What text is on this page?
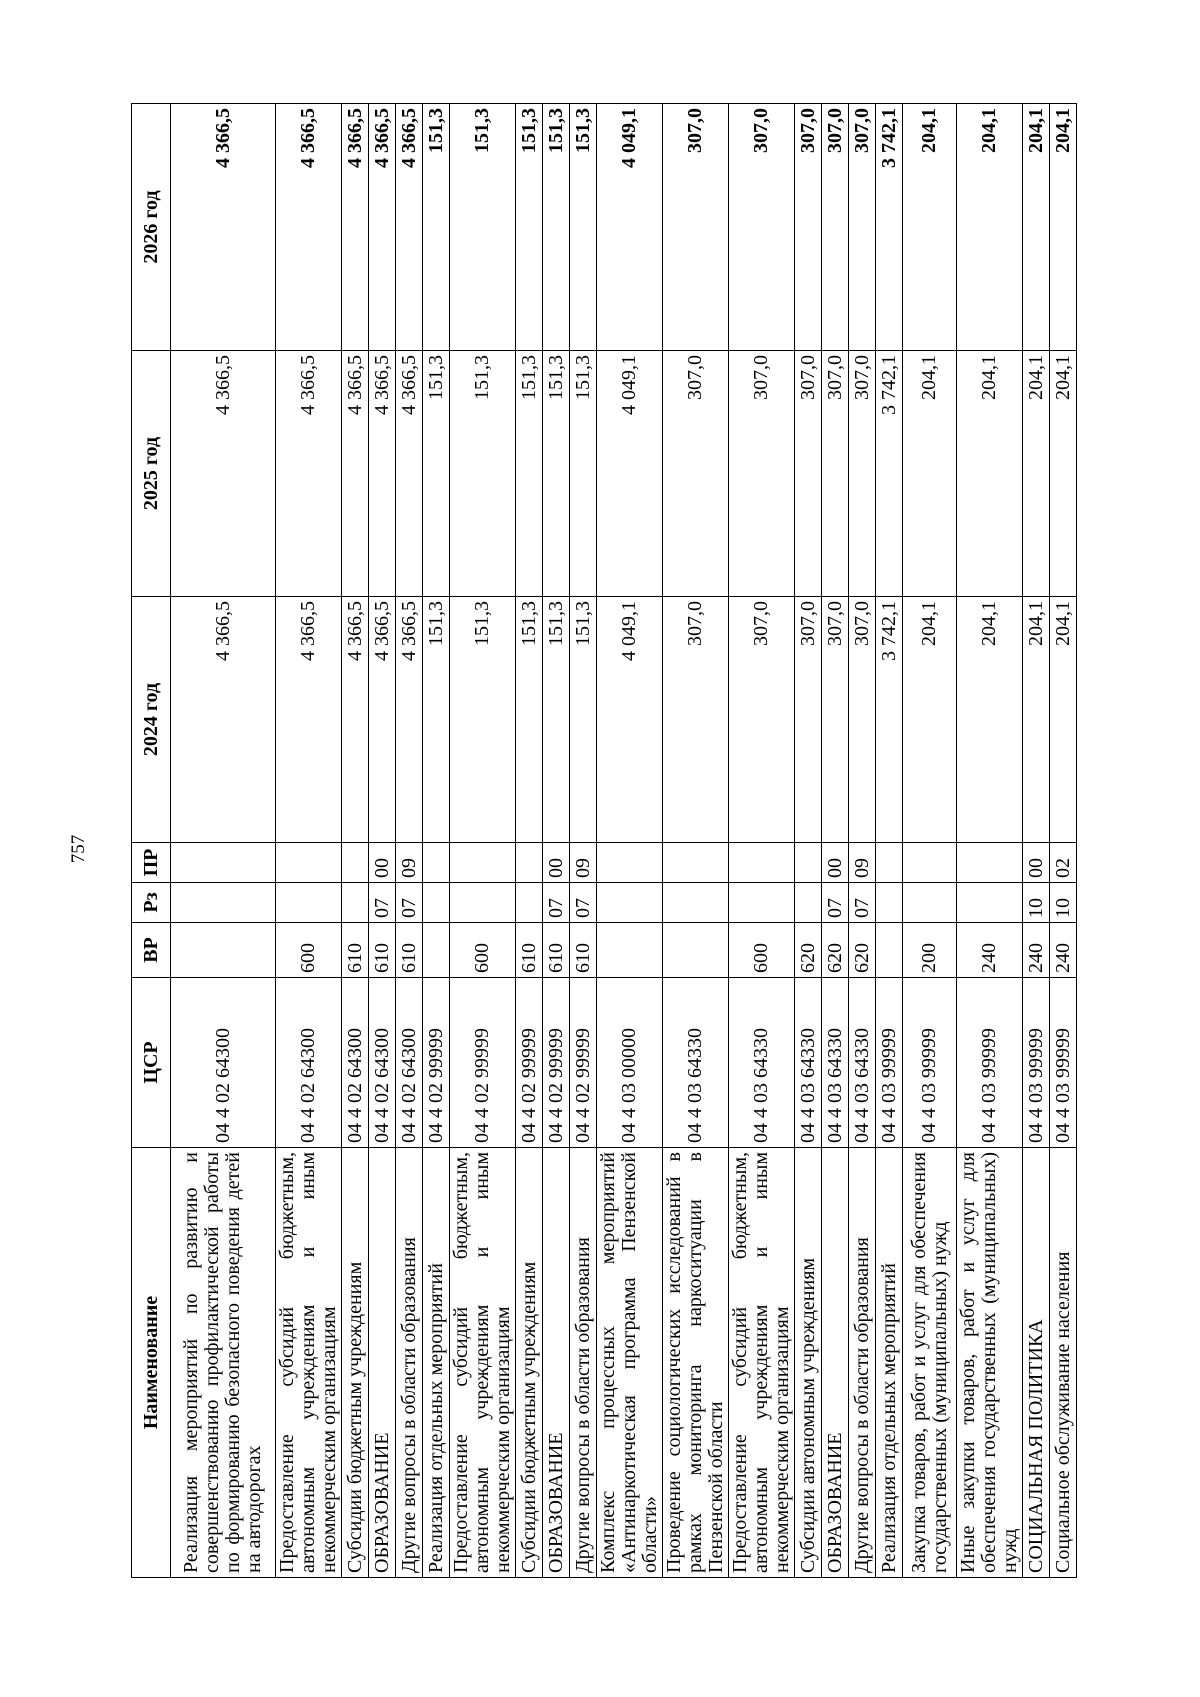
757
Наименование	ЦСР	ВР	Рз	ПР	2024 год	2025 год	2026 год
Реализация мероприятий по развитию и совершенствованию профилактической работы по формированию безопасного поведения детей на автодорогах	04 4 02 64300				4 366,5	4 366,5	4 366,5
Предоставление субсидий бюджетным, автономным учреждениям и иным некоммерческим организациям	04 4 02 64300	600			4 366,5	4 366,5	4 366,5
Субсидии бюджетным учреждениям	04 4 02 64300	610			4 366,5	4 366,5	4 366,5
ОБРАЗОВАНИЕ	04 4 02 64300	610	07	00	4 366,5	4 366,5	4 366,5
Другие вопросы в области образования	04 4 02 64300	610	07	09	4 366,5	4 366,5	4 366,5
Реализация отдельных мероприятий	04 4 02 99999				151,3	151,3	151,3
Предоставление субсидий бюджетным, автономным учреждениям и иным некоммерческим организациям	04 4 02 99999	600			151,3	151,3	151,3
Субсидии бюджетным учреждениям	04 4 02 99999	610			151,3	151,3	151,3
ОБРАЗОВАНИЕ	04 4 02 99999	610	07	00	151,3	151,3	151,3
Другие вопросы в области образования	04 4 02 99999	610	07	09	151,3	151,3	151,3
Комплекс процессных мероприятий «Антинаркотическая программа Пензенской области»	04 4 03 00000				4 049,1	4 049,1	4 049,1
Проведение социологических исследований в рамках мониторинга наркоситуации в Пензенской области	04 4 03 64330				307,0	307,0	307,0
Предоставление субсидий бюджетным, автономным учреждениям и иным некоммерческим организациям	04 4 03 64330	600			307,0	307,0	307,0
Субсидии автономным учреждениям	04 4 03 64330	620			307,0	307,0	307,0
ОБРАЗОВАНИЕ	04 4 03 64330	620	07	00	307,0	307,0	307,0
Другие вопросы в области образования	04 4 03 64330	620	07	09	307,0	307,0	307,0
Реализация отдельных мероприятий	04 4 03 99999				3 742,1	3 742,1	3 742,1
Закупка товаров, работ и услуг для обеспечения государственных (муниципальных) нужд	04 4 03 99999	200			204,1	204,1	204,1
Иные закупки товаров, работ и услуг для обеспечения государственных (муниципальных) нужд	04 4 03 99999	240			204,1	204,1	204,1
СОЦИАЛЬНАЯ ПОЛИТИКА	04 4 03 99999	240	10	00	204,1	204,1	204,1
Социальное обслуживание населения	04 4 03 99999	240	10	02	204,1	204,1	204,1
